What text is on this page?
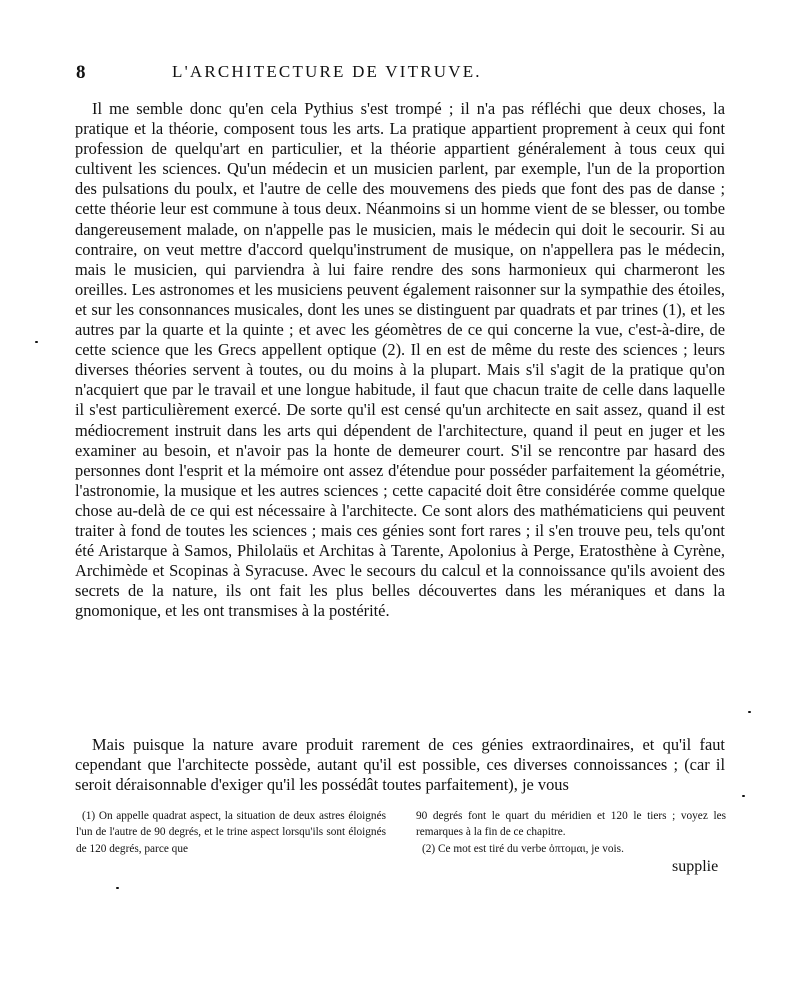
8	L'ARCHITECTURE DE VITRUVE.

Il me semble donc qu'en cela Pythius s'est trompé ; il n'a pas réfléchi que deux choses, la pratique et la théorie, composent tous les arts. La pratique appartient proprement à ceux qui font profession de quelqu'art en particulier, et la théorie appartient généralement à tous ceux qui cultivent les sciences. Qu'un médecin et un musicien parlent, par exemple, l'un de la proportion des pulsations du poulx, et l'autre de celle des mouvemens des pieds que font des pas de danse ; cette théorie leur est commune à tous deux. Néanmoins si un homme vient de se blesser, ou tombe dangereusement malade, on n'appelle pas le musicien, mais le médecin qui doit le secourir. Si au contraire, on veut mettre d'accord quelqu'instrument de musique, on n'appellera pas le médecin, mais le musicien, qui parviendra à lui faire rendre des sons harmonieux qui charmeront les oreilles. Les astronomes et les musiciens peuvent également raisonner sur la sympathie des étoiles, et sur les consonnances musicales, dont les unes se distinguent par quadrats et par trines (1), et les autres par la quarte et la quinte ; et avec les géomètres de ce qui concerne la vue, c'est-à-dire, de cette science que les Grecs appellent optique (2). Il en est de même du reste des sciences ; leurs diverses théories servent à toutes, ou du moins à la plupart. Mais s'il s'agit de la pratique qu'on n'acquiert que par le travail et une longue habitude, il faut que chacun traite de celle dans laquelle il s'est particulièrement exercé. De sorte qu'il est censé qu'un architecte en sait assez, quand il est médiocrement instruit dans les arts qui dépendent de l'architecture, quand il peut en juger et les examiner au besoin, et n'avoir pas la honte de demeurer court. S'il se rencontre par hasard des personnes dont l'esprit et la mémoire ont assez d'étendue pour posséder parfaitement la géométrie, l'astronomie, la musique et les autres sciences ; cette capacité doit être considérée comme quelque chose au-delà de ce qui est nécessaire à l'architecte. Ce sont alors des mathématiciens qui peuvent traiter à fond de toutes les sciences ; mais ces génies sont fort rares ; il s'en trouve peu, tels qu'ont été Aristarque à Samos, Philolaüs et Architas à Tarente, Apolonius à Perge, Eratosthène à Cyrène, Archimède et Scopinas à Syracuse. Avec le secours du calcul et la connoissance qu'ils avoient des secrets de la nature, ils ont fait les plus belles découvertes dans les méraniques et dans la gnomonique, et les ont transmises à la postérité.

Mais puisque la nature avare produit rarement de ces génies extraordinaires, et qu'il faut cependant que l'architecte possède, autant qu'il est possible, ces diverses connoissances ; (car il seroit déraisonnable d'exiger qu'il les possédât toutes parfaitement), je vous

(1) On appelle quadrat aspect, la situation de deux astres éloignés l'un de l'autre de 90 degrés, et le trine aspect lorsqu'ils sont éloignés de 120 degrés, parce que

90 degrés font le quart du méridien et 120 le tiers ; voyez les remarques à la fin de ce chapitre.

(2) Ce mot est tiré du verbe ὀπτομαι, je vois.

supplie
